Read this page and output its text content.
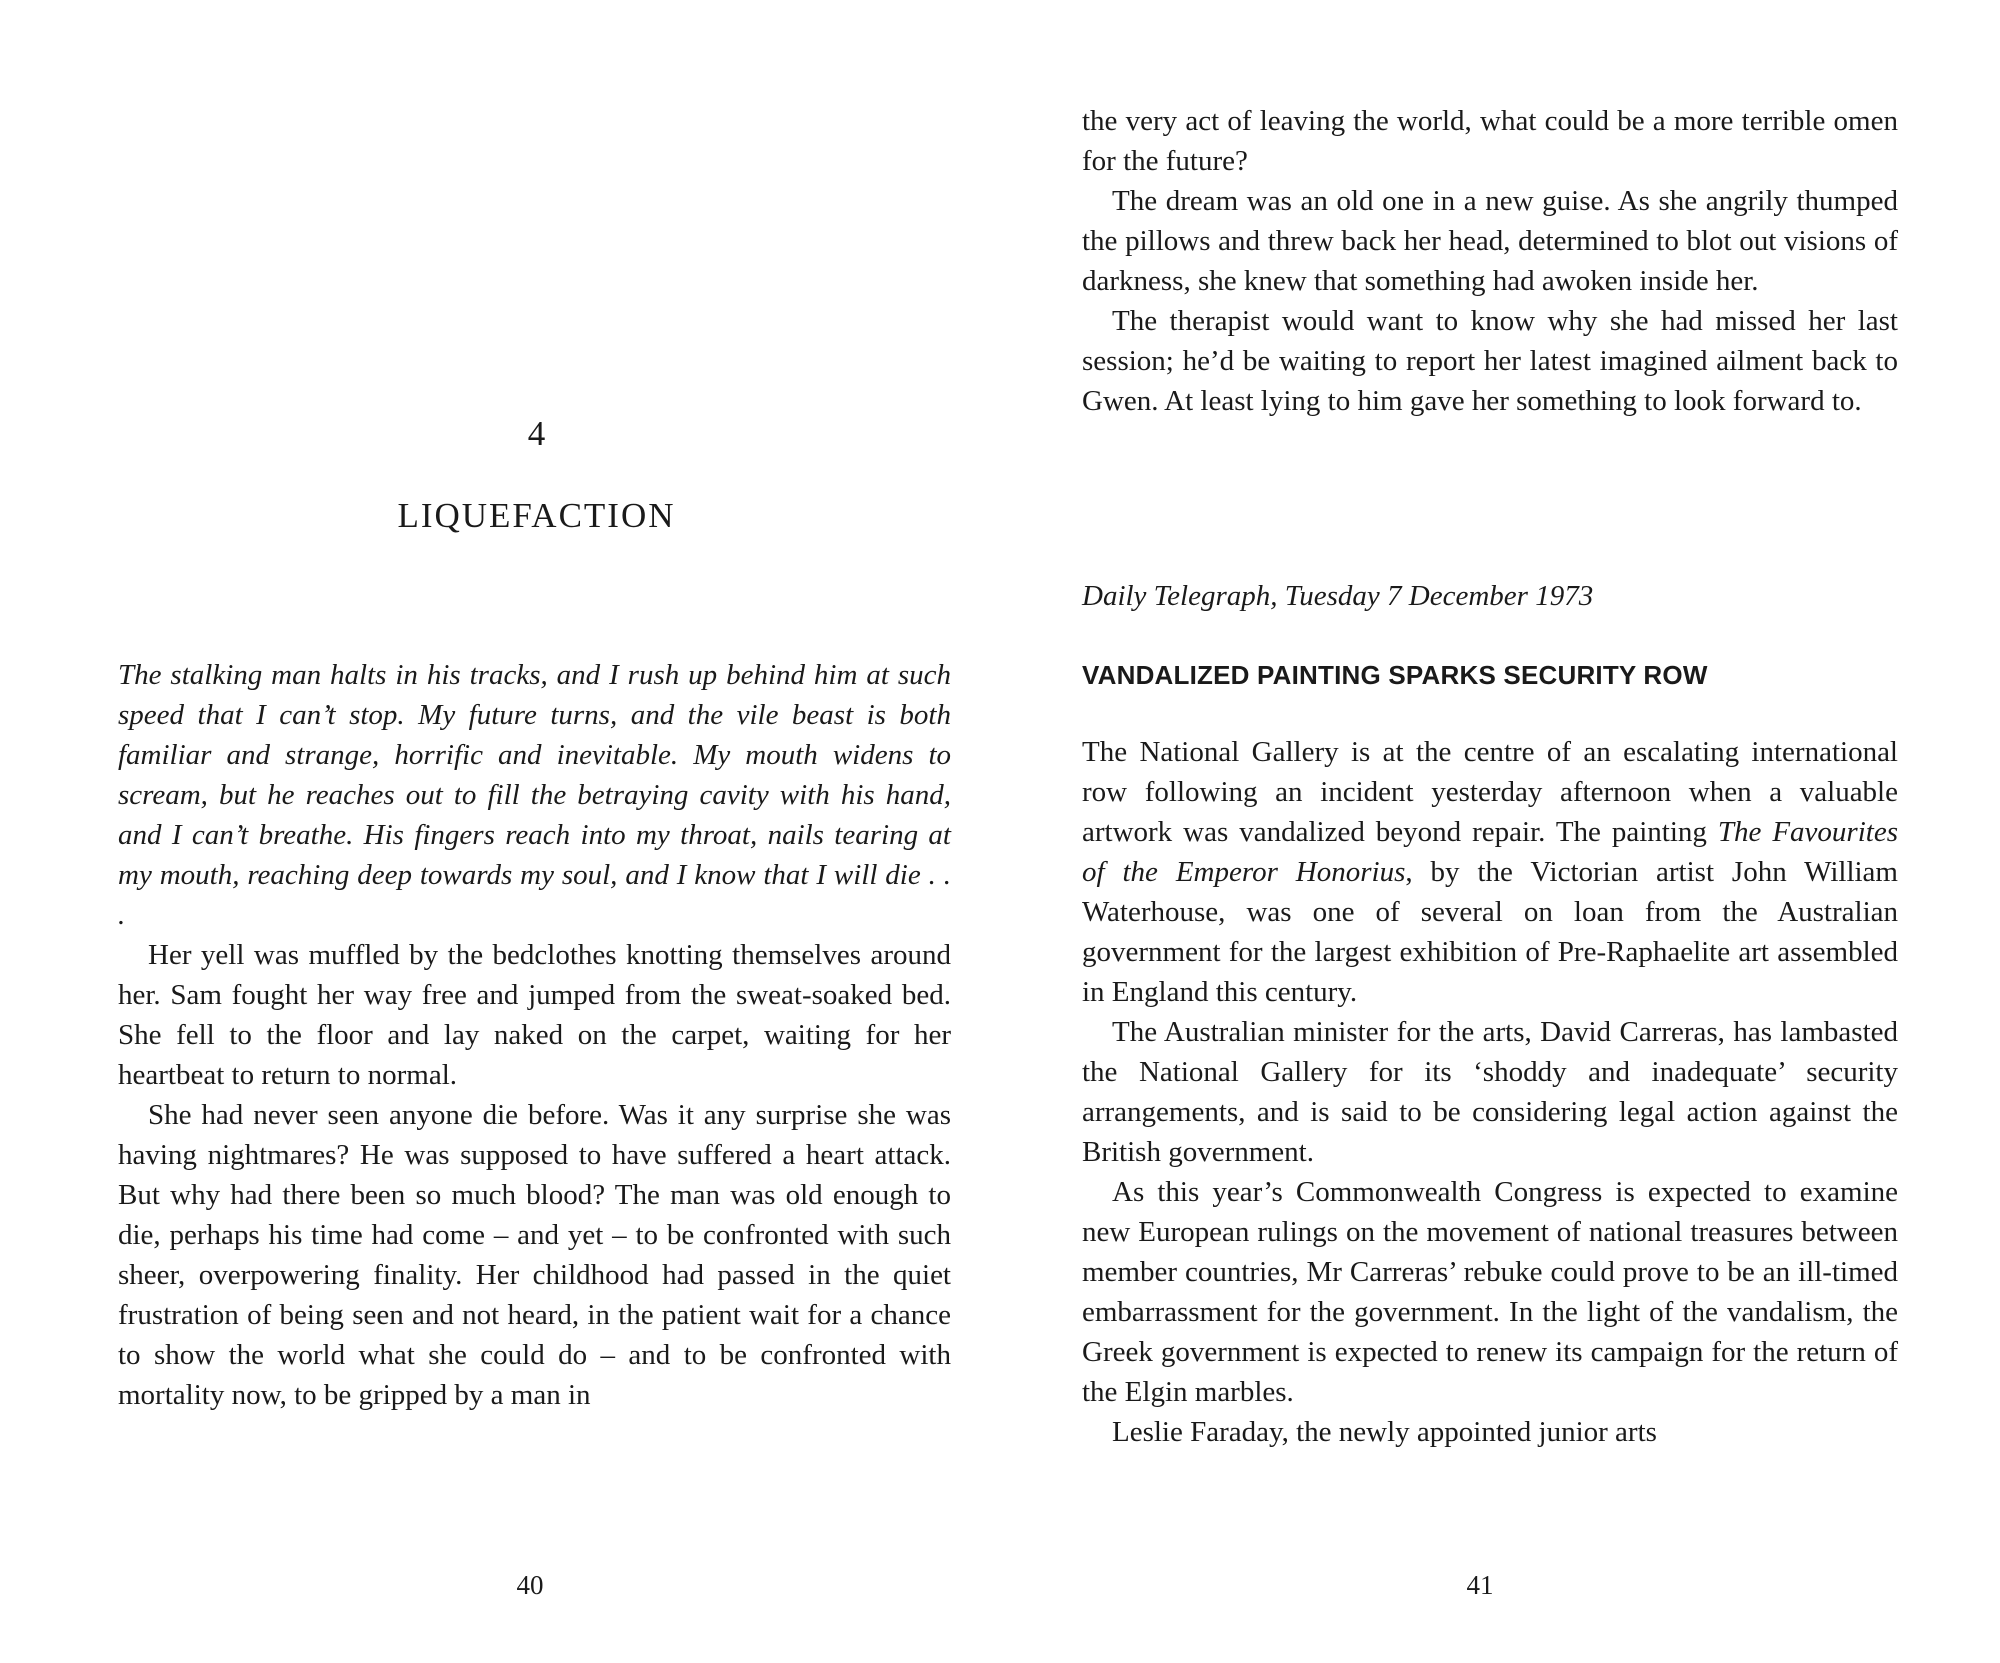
4
LIQUEFACTION

The stalking man halts in his tracks, and I rush up behind him at such speed that I can’t stop. My future turns, and the vile beast is both familiar and strange, horrific and inevitable. My mouth widens to scream, but he reaches out to fill the betraying cavity with his hand, and I can’t breathe. His fingers reach into my throat, nails tearing at my mouth, reaching deep towards my soul, and I know that I will die . . .

Her yell was muffled by the bedclothes knotting themselves around her. Sam fought her way free and jumped from the sweat-soaked bed. She fell to the floor and lay naked on the carpet, waiting for her heartbeat to return to normal.

She had never seen anyone die before. Was it any surprise she was having nightmares? He was supposed to have suffered a heart attack. But why had there been so much blood? The man was old enough to die, perhaps his time had come – and yet – to be confronted with such sheer, overpowering finality. Her childhood had passed in the quiet frustration of being seen and not heard, in the patient wait for a chance to show the world what she could do – and to be confronted with mortality now, to be gripped by a man in

40

the very act of leaving the world, what could be a more terrible omen for the future?

The dream was an old one in a new guise. As she angrily thumped the pillows and threw back her head, determined to blot out visions of darkness, she knew that something had awoken inside her.

The therapist would want to know why she had missed her last session; he’d be waiting to report her latest imagined ailment back to Gwen. At least lying to him gave her something to look forward to.

Daily Telegraph, Tuesday 7 December 1973

VANDALIZED PAINTING SPARKS SECURITY ROW

The National Gallery is at the centre of an escalating international row following an incident yesterday afternoon when a valuable artwork was vandalized beyond repair. The painting The Favourites of the Emperor Honorius, by the Victorian artist John William Waterhouse, was one of several on loan from the Australian government for the largest exhibition of Pre-Raphaelite art assembled in England this century.

The Australian minister for the arts, David Carreras, has lambasted the National Gallery for its ‘shoddy and inadequate’ security arrangements, and is said to be considering legal action against the British government.

As this year’s Commonwealth Congress is expected to examine new European rulings on the movement of national treasures between member countries, Mr Carreras’ rebuke could prove to be an ill-timed embarrassment for the government. In the light of the vandalism, the Greek government is expected to renew its campaign for the return of the Elgin marbles.

Leslie Faraday, the newly appointed junior arts

41
